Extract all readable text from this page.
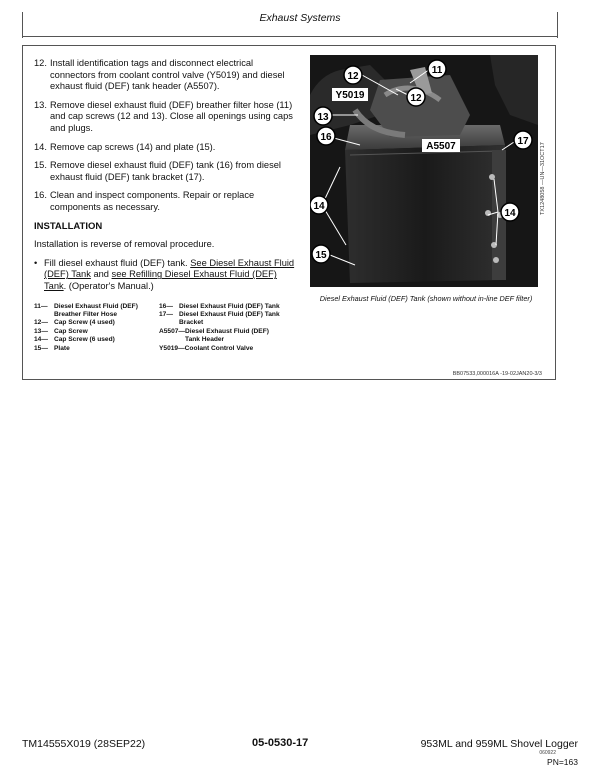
Exhaust Systems
12. Install identification tags and disconnect electrical connectors from coolant control valve (Y5019) and diesel exhaust fluid (DEF) tank header (A5507).
13. Remove diesel exhaust fluid (DEF) breather filter hose (11) and cap screws (12 and 13). Close all openings using caps and plugs.
14. Remove cap screws (14) and plate (15).
15. Remove diesel exhaust fluid (DEF) tank (16) from diesel exhaust fluid (DEF) tank bracket (17).
16. Clean and inspect components. Repair or replace components as necessary.
INSTALLATION
Installation is reverse of removal procedure.
• Fill diesel exhaust fluid (DEF) tank. See Diesel Exhaust Fluid (DEF) Tank and see Refilling Diesel Exhaust Fluid (DEF) Tank. (Operator's Manual.)
11— Diesel Exhaust Fluid (DEF) Breather Filter Hose
12— Cap Screw (4 used)
13— Cap Screw
14— Cap Screw (6 used)
15— Plate
16— Diesel Exhaust Fluid (DEF) Tank
17— Diesel Exhaust Fluid (DEF) Tank Bracket
A5507— Diesel Exhaust Fluid (DEF) Tank Header
Y5019— Coolant Control Valve
11
12
12
13
16	17
14
14
15
Y5019
A5507	TX1248058 —UN—31OCT17
Diesel Exhaust Fluid (DEF) Tank (shown without in-line DEF filter)
BB07533,000016A -19-02JAN20-3/3
TM14555X019 (28SEP22)	05-0530-17	953ML and 959ML Shovel Logger
060922
PN=163
